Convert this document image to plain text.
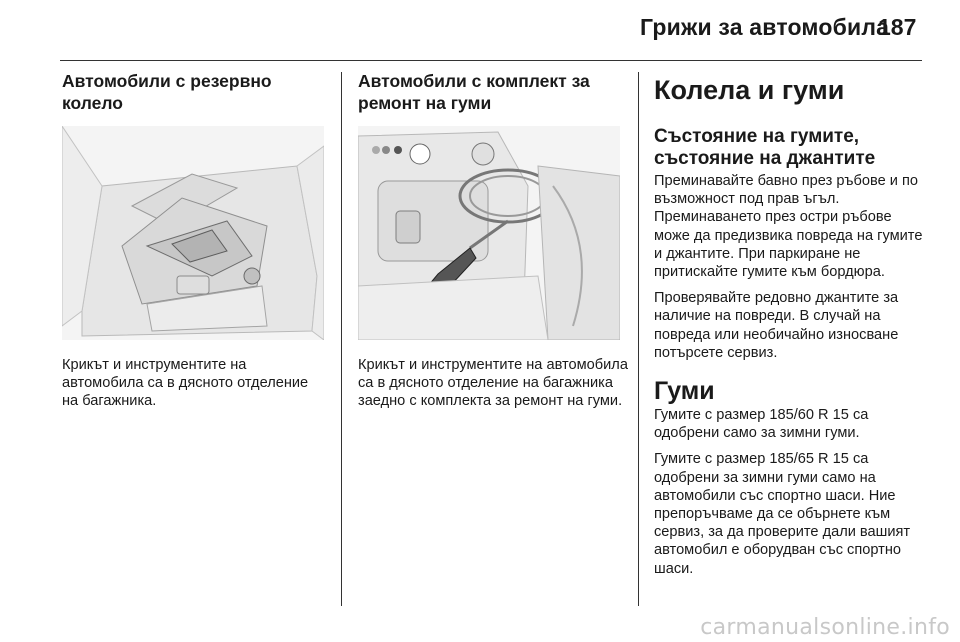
Грижи за автомобила
187
Автомобили с резервно колело
Крикът и инструментите на автомобила са в дясното отделение на багажника.
Автомобили с комплект за ремонт на гуми
Крикът и инструментите на автомобила са в дясното отделение на багажника заедно с комплекта за ремонт на гуми.
Колела и гуми
Състояние на гумите, състояние на джантите

Преминавайте бавно през ръбове и по възможност под прав ъгъл. Преминаването през остри ръбове може да предизвика повреда на гумите и джантите. При паркиране не притискайте гумите към бордюра.

Проверявайте редовно джантите за наличие на повреди. В случай на повреда или необичайно износване потърсете сервиз.

Гуми

Гумите с размер 185/60 R 15 са одобрени само за зимни гуми.

Гумите с размер 185/65 R 15 са одобрени за зимни гуми само на автомобили със спортно шаси. Ние препоръчваме да се обърнете към сервиз, за да проверите дали вашият автомобил е оборудван със спортно шаси.

carmanualsonline.info
